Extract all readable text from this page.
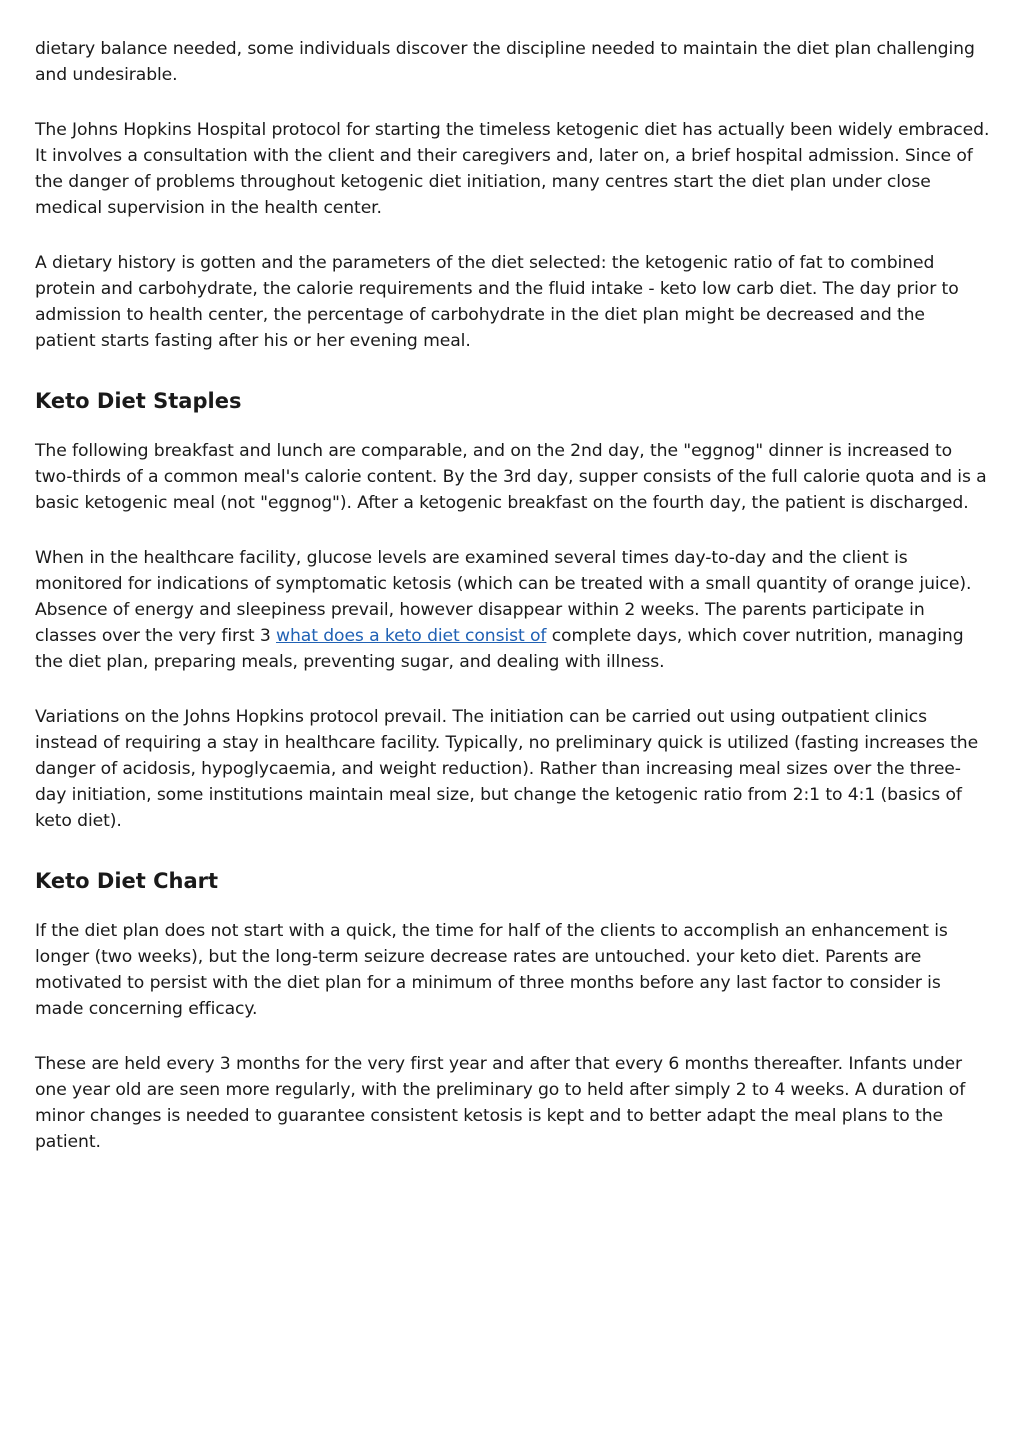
dietary balance needed, some individuals discover the discipline needed to maintain the diet plan challenging and undesirable.

The Johns Hopkins Hospital protocol for starting the timeless ketogenic diet has actually been widely embraced. It involves a consultation with the client and their caregivers and, later on, a brief hospital admission. Since of the danger of problems throughout ketogenic diet initiation, many centres start the diet plan under close medical supervision in the health center.

A dietary history is gotten and the parameters of the diet selected: the ketogenic ratio of fat to combined protein and carbohydrate, the calorie requirements and the fluid intake - keto low carb diet. The day prior to admission to health center, the percentage of carbohydrate in the diet plan might be decreased and the patient starts fasting after his or her evening meal.

Keto Diet Staples

The following breakfast and lunch are comparable, and on the 2nd day, the "eggnog" dinner is increased to two-thirds of a common meal's calorie content. By the 3rd day, supper consists of the full calorie quota and is a basic ketogenic meal (not "eggnog"). After a ketogenic breakfast on the fourth day, the patient is discharged.

When in the healthcare facility, glucose levels are examined several times day-to-day and the client is monitored for indications of symptomatic ketosis (which can be treated with a small quantity of orange juice). Absence of energy and sleepiness prevail, however disappear within 2 weeks. The parents participate in classes over the very first 3 what does a keto diet consist of complete days, which cover nutrition, managing the diet plan, preparing meals, preventing sugar, and dealing with illness.

Variations on the Johns Hopkins protocol prevail. The initiation can be carried out using outpatient clinics instead of requiring a stay in healthcare facility. Typically, no preliminary quick is utilized (fasting increases the danger of acidosis, hypoglycaemia, and weight reduction). Rather than increasing meal sizes over the three-day initiation, some institutions maintain meal size, but change the ketogenic ratio from 2:1 to 4:1 (basics of keto diet).

Keto Diet Chart

If the diet plan does not start with a quick, the time for half of the clients to accomplish an enhancement is longer (two weeks), but the long-term seizure decrease rates are untouched. your keto diet. Parents are motivated to persist with the diet plan for a minimum of three months before any last factor to consider is made concerning efficacy.

These are held every 3 months for the very first year and after that every 6 months thereafter. Infants under one year old are seen more regularly, with the preliminary go to held after simply 2 to 4 weeks. A duration of minor changes is needed to guarantee consistent ketosis is kept and to better adapt the meal plans to the patient.
